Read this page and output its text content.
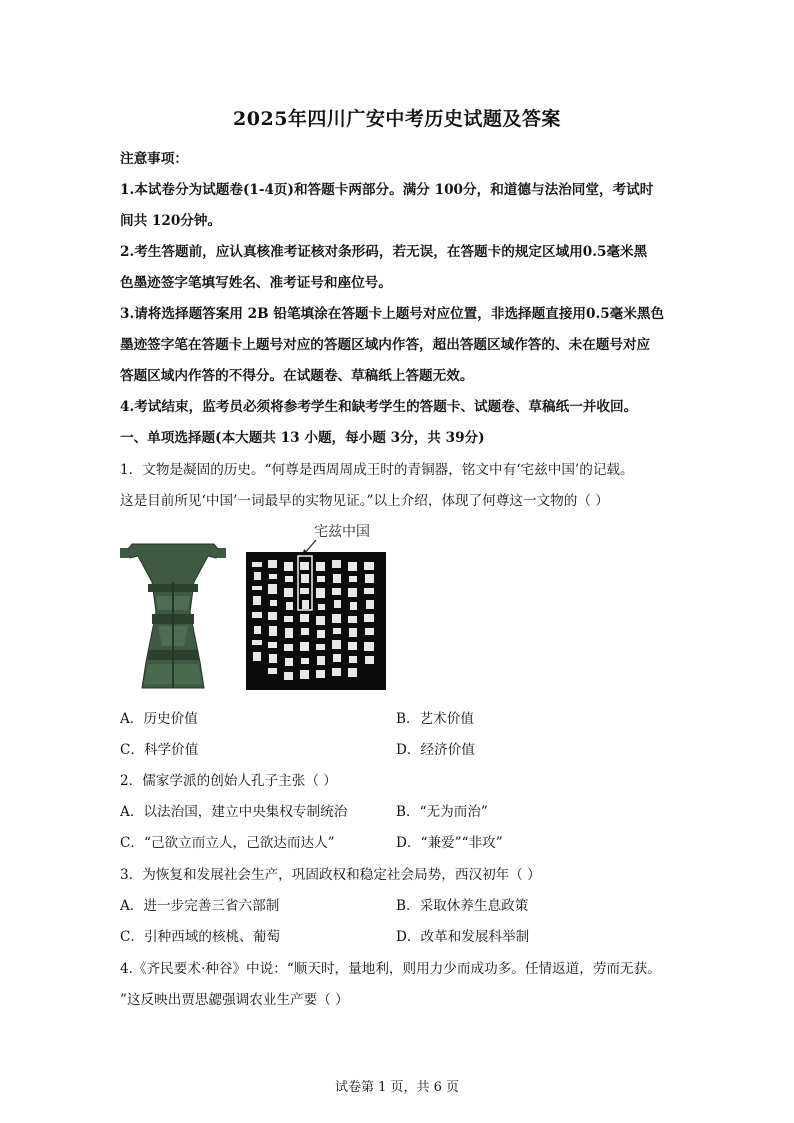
2025年四川广安中考历史试题及答案
注意事项：
1.本试卷分为试题卷(1-4页)和答题卡两部分。满分 100分，和道德与法治同堂，考试时
间共 120分钟。
2.考生答题前，应认真核准考证核对条形码，若无误，在答题卡的规定区域用0.5毫米黑
色墨迹签字笔填写姓名、准考证号和座位号。
3.请将选择题答案用 2B 铅笔填涂在答题卡上题号对应位置，非选择题直接用0.5毫米黑色
墨迹签字笔在答题卡上题号对应的答题区域内作答，超出答题区域作答的、未在题号对应
答题区域内作答的不得分。在试题卷、草稿纸上答题无效。
4.考试结束，监考员必须将参考学生和缺考学生的答题卡、试题卷、草稿纸一并收回。
一、单项选择题(本大题共 13 小题，每小题 3分，共 39分)
1．文物是凝固的历史。“何尊是西周周成王时的青铜器，铭文中有‘宅兹中国’的记载。
这是目前所见‘中国’一词最早的实物见证。”以上介绍，体现了何尊这一文物的（ ）
宅兹中国
A．历史价值	B．艺术价值
C．科学价值	D．经济价值
2．儒家学派的创始人孔子主张（ ）
A．以法治国，建立中央集权专制统治	B．“无为而治”
C．“己欲立而立人，己欲达而达人”	D．“兼爱”“非攻”
3．为恢复和发展社会生产，巩固政权和稳定社会局势，西汉初年（ ）
A．进一步完善三省六部制	B．采取休养生息政策
C．引种西域的核桃、葡萄	D．改革和发展科举制
4.《齐民要术·种谷》中说：“顺天时，量地利，则用力少而成功多。任情返道，劳而无获。
”这反映出贾思勰强调农业生产要（ ）
试卷第 1 页，共 6 页
